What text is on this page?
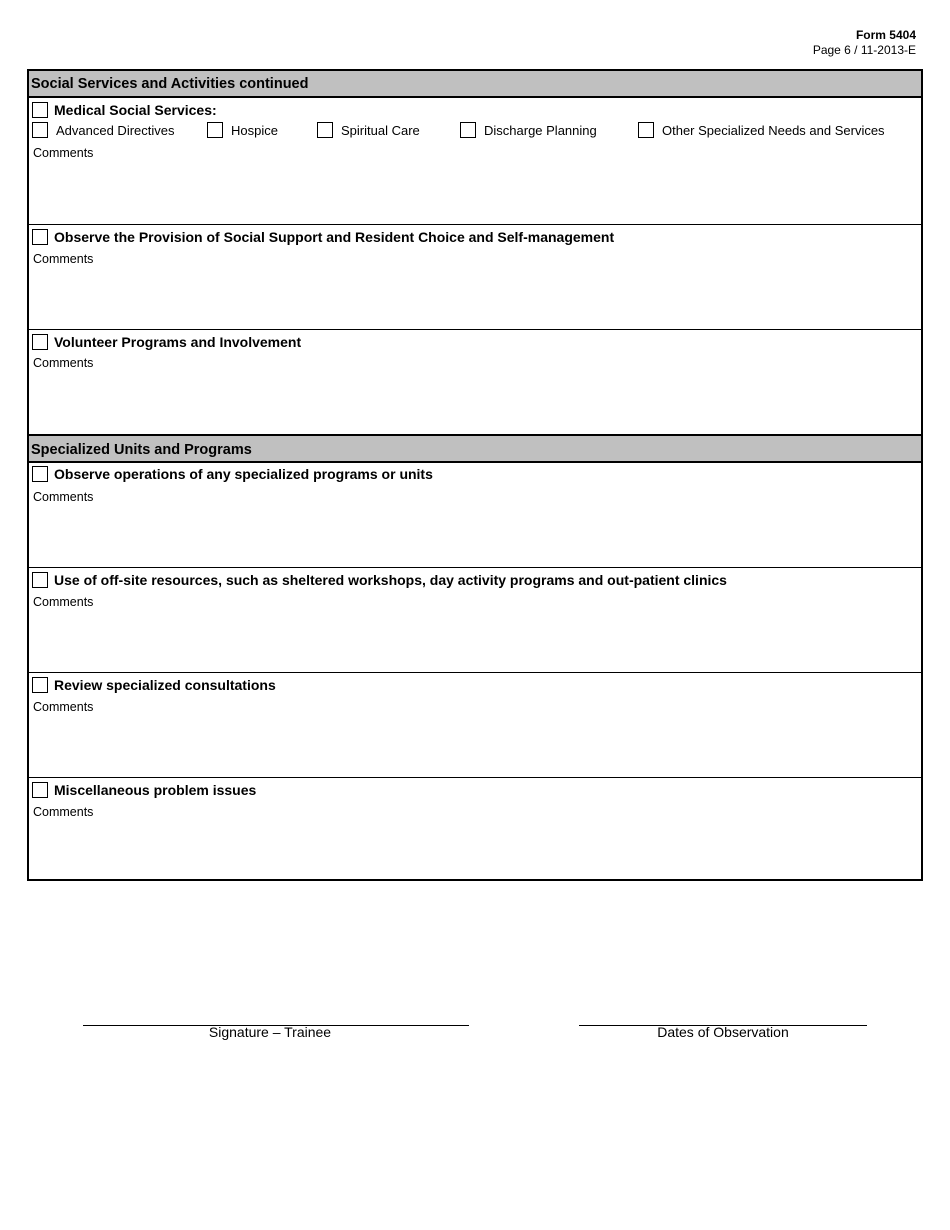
Form 5404
Page 6 / 11-2013-E
Social Services and Activities continued
Medical Social Services:
Advanced Directives	Hospice	Spiritual Care	Discharge Planning	Other Specialized Needs and Services
Comments
Observe the Provision of Social Support and Resident Choice and Self-management
Comments
Volunteer Programs and Involvement
Comments
Specialized Units and Programs
Observe operations of any specialized programs or units
Comments
Use of off-site resources, such as sheltered workshops, day activity programs and out-patient clinics
Comments
Review specialized consultations
Comments
Miscellaneous problem issues
Comments
Signature – Trainee	Dates of Observation
